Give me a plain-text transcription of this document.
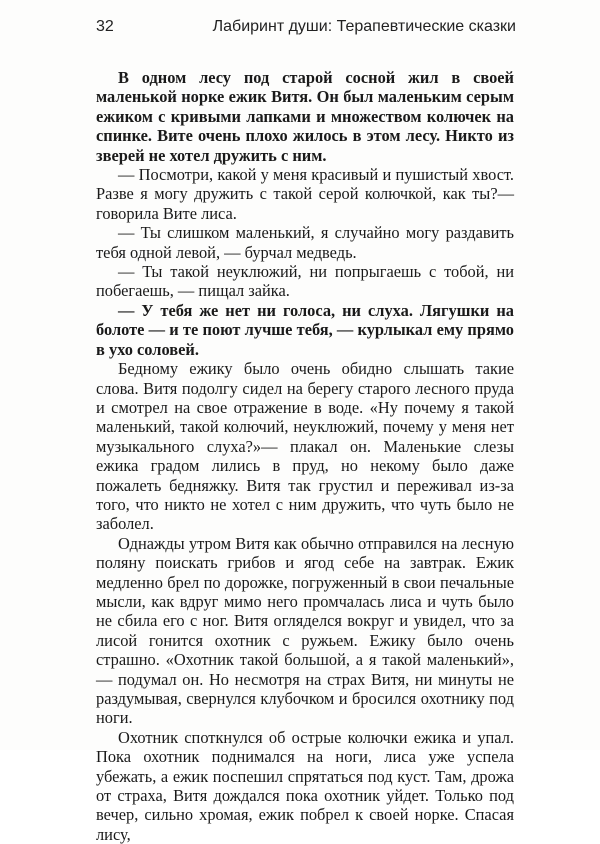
32	Лабиринт души: Терапевтические сказки

В одном лесу под старой сосной жил в своей маленькой норке ежик Витя. Он был маленьким серым ежиком с кривыми лапками и множеством колючек на спинке. Вите очень плохо жилось в этом лесу. Никто из зверей не хотел дружить с ним.

— Посмотри, какой у меня красивый и пушистый хвост. Разве я могу дружить с такой серой колючкой, как ты?— говорила Вите лиса.

— Ты слишком маленький, я случайно могу раздавить тебя одной левой, — бурчал медведь.

— Ты такой неуклюжий, ни попрыгаешь с тобой, ни побегаешь, — пищал зайка.

— У тебя же нет ни голоса, ни слуха. Лягушки на болоте — и те поют лучше тебя, — курлыкал ему прямо в ухо соловей.

Бедному ежику было очень обидно слышать такие слова. Витя подолгу сидел на берегу старого лесного пруда и смотрел на свое отражение в воде. «Ну почему я такой маленький, такой колючий, неуклюжий, почему у меня нет музыкального слуха?»— плакал он. Маленькие слезы ежика градом лились в пруд, но некому было даже пожалеть бедняжку. Витя так грустил и переживал из-за того, что никто не хотел с ним дружить, что чуть было не заболел.

Однажды утром Витя как обычно отправился на лесную поляну поискать грибов и ягод себе на завтрак. Ежик медленно брел по дорожке, погруженный в свои печальные мысли, как вдруг мимо него промчалась лиса и чуть было не сбила его с ног. Витя огляделся вокруг и увидел, что за лисой гонится охотник с ружьем. Ежику было очень страшно. «Охотник такой большой, а я такой маленький», — подумал он. Но несмотря на страх Витя, ни минуты не раздумывая, свернулся клубочком и бросился охотнику под ноги.

Охотник споткнулся об острые колючки ежика и упал. Пока охотник поднимался на ноги, лиса уже успела убежать, а ежик поспешил спрятаться под куст. Там, дрожа от страха, Витя дождался пока охотник уйдет. Только под вечер, сильно хромая, ежик побрел к своей норке. Спасая лису,
